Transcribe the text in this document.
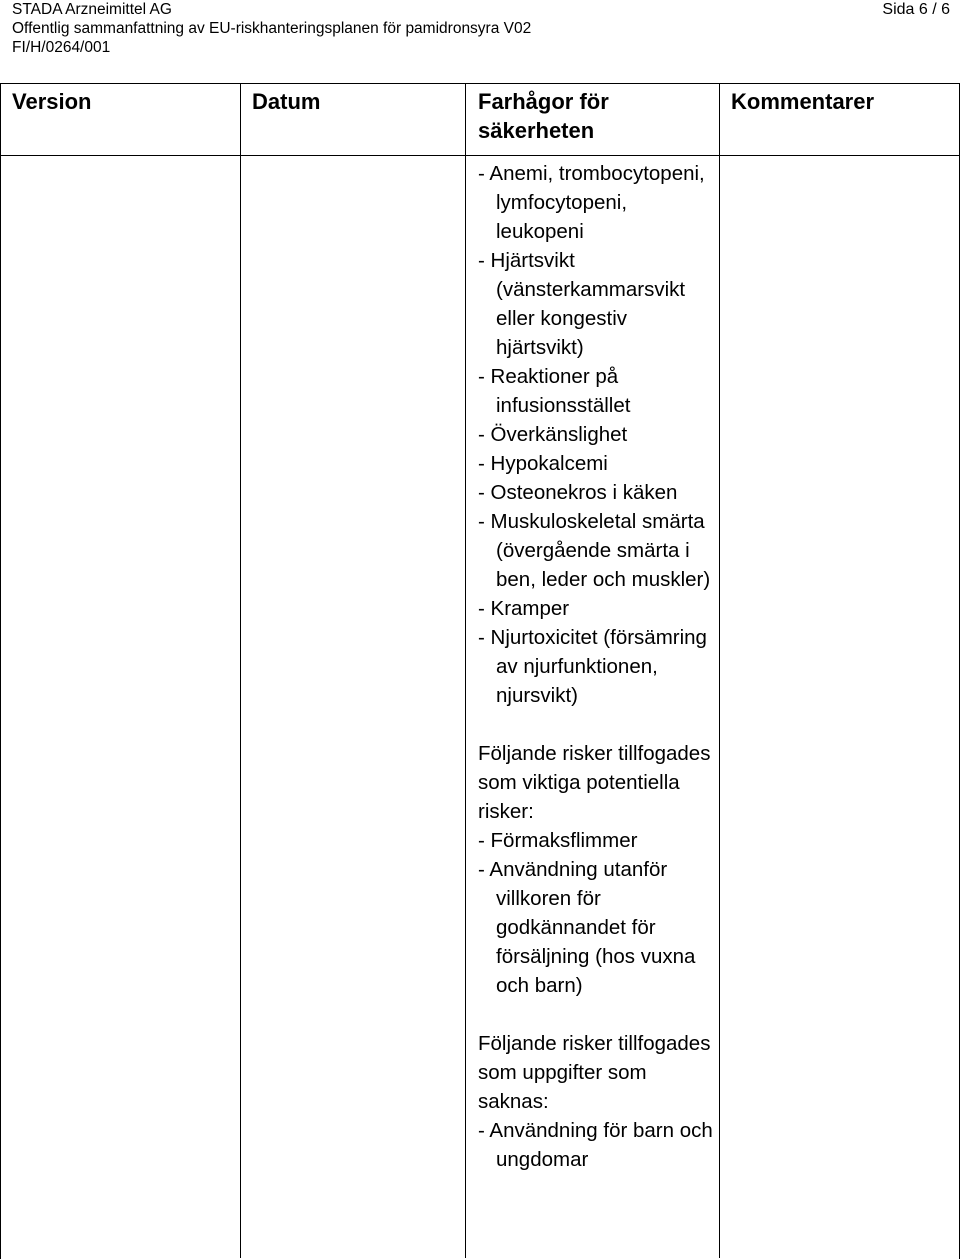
STADA Arzneimittel AG
Offentlig sammanfattning av EU-riskhanteringsplanen för pamidronsyra V02
FI/H/0264/001
Sida 6 / 6
Version	Datum	Farhågor för
säkerheten
Kommentarer
- Anemi, trombocytopeni, lymfocytopeni, leukopeni
- Hjärtsvikt (vänsterkammarsvikt eller kongestiv hjärtsvikt)
- Reaktioner på infusionsstället
- Överkänslighet
- Hypokalcemi
- Osteonekros i käken
- Muskuloskeletal smärta (övergående smärta i ben, leder och muskler)
- Kramper
- Njurtoxicitet (försämring av njurfunktionen, njursvikt)
Följande risker tillfogades som viktiga potentiella risker:
- Förmaksflimmer
- Användning utanför villkoren för godkännandet för försäljning (hos vuxna och barn)
Följande risker tillfogades som uppgifter som saknas:
- Användning för barn och ungdomar
